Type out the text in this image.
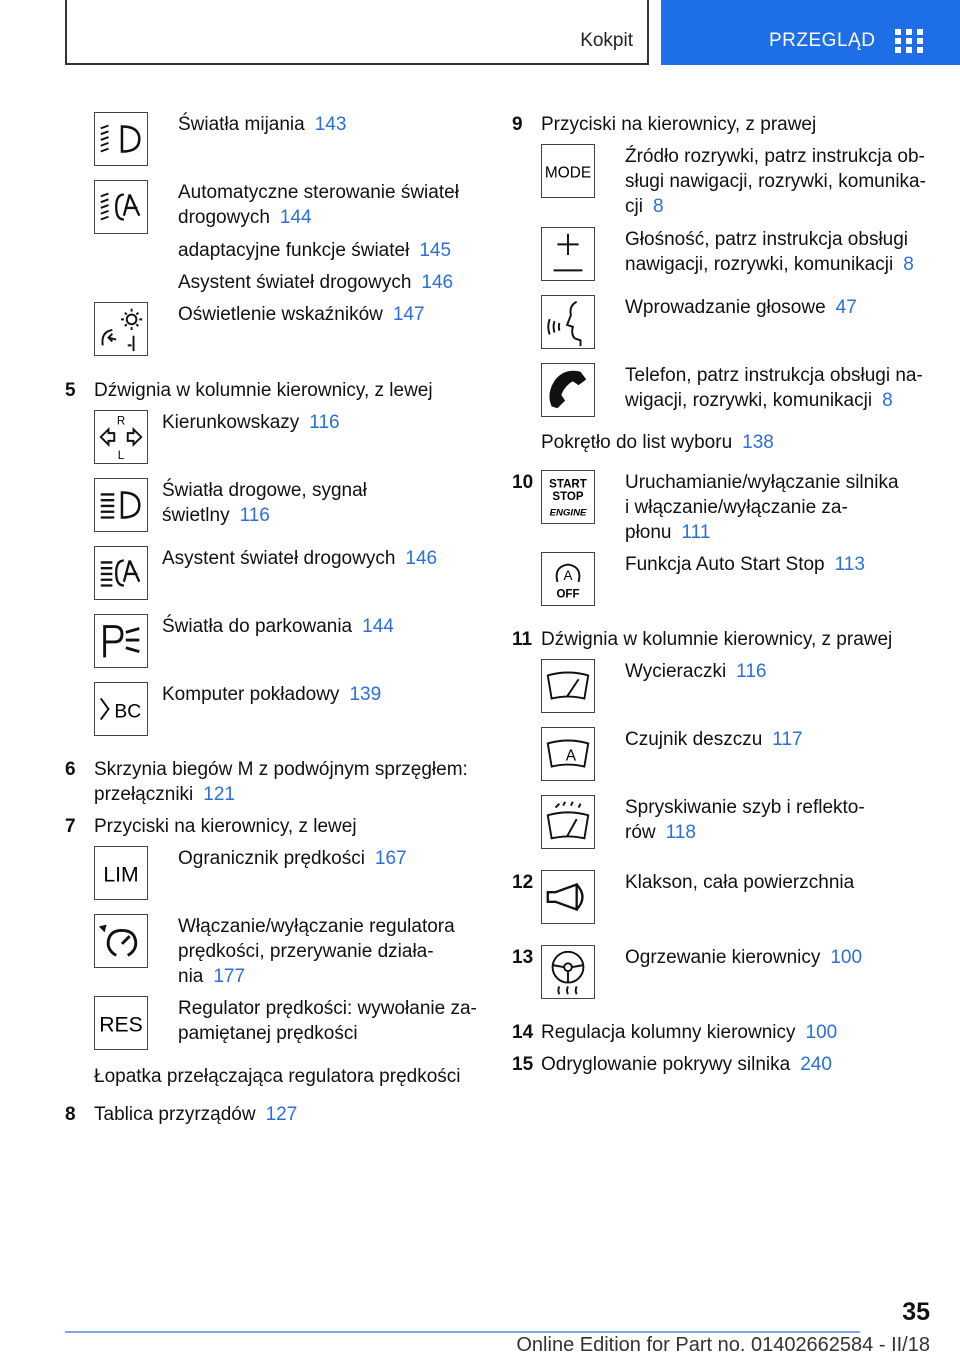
Kokpit	PRZEGLĄD
Światła mijania 143
Automatyczne sterowanie świateł
drogowych 144
adaptacyjne funkcje świateł 145
Asystent świateł drogowych 146
Oświetlenie wskaźników 147
5 Dźwignia w kolumnie kierownicy, z lewej
R
L
Kierunkowskazy 116
Światła drogowe, sygnał
świetlny 116
Asystent świateł drogowych 146
Światła do parkowania 144
BC
Komputer pokładowy 139
6 Skrzynia biegów M z podwójnym sprzęgłem:
przełączniki 121
7 Przyciski na kierownicy, z lewej
LIM
Ogranicznik prędkości 167
Włączanie/wyłączanie regulatora
prędkości, przerywanie działa-
nia 177
RES
Regulator prędkości: wywołanie za-
pamiętanej prędkości
Łopatka przełączająca regulatora prędkości
8 Tablica przyrządów 127
9 Przyciski na kierownicy, z prawej
MODE
Źródło rozrywki, patrz instrukcja ob-
sługi nawigacji, rozrywki, komunika-
cji 8
Głośność, patrz instrukcja obsługi
nawigacji, rozrywki, komunikacji 8
Wprowadzanie głosowe 47
Telefon, patrz instrukcja obsługi na-
wigacji, rozrywki, komunikacji 8
Pokrętło do list wyboru 138
10 START
STOP
ENGINE
Uruchamianie/wyłączanie silnika
i włączanie/wyłączanie za-
płonu 111
A
OFF
Funkcja Auto Start Stop 113
11 Dźwignia w kolumnie kierownicy, z prawej
Wycieraczki 116
A
Czujnik deszczu 117
Spryskiwanie szyb i reflekto-
rów 118
12	Klakson, cała powierzchnia
13	Ogrzewanie kierownicy 100
14 Regulacja kolumny kierownicy 100
15 Odryglowanie pokrywy silnika 240
35
Online Edition for Part no. 01402662584 - II/18
